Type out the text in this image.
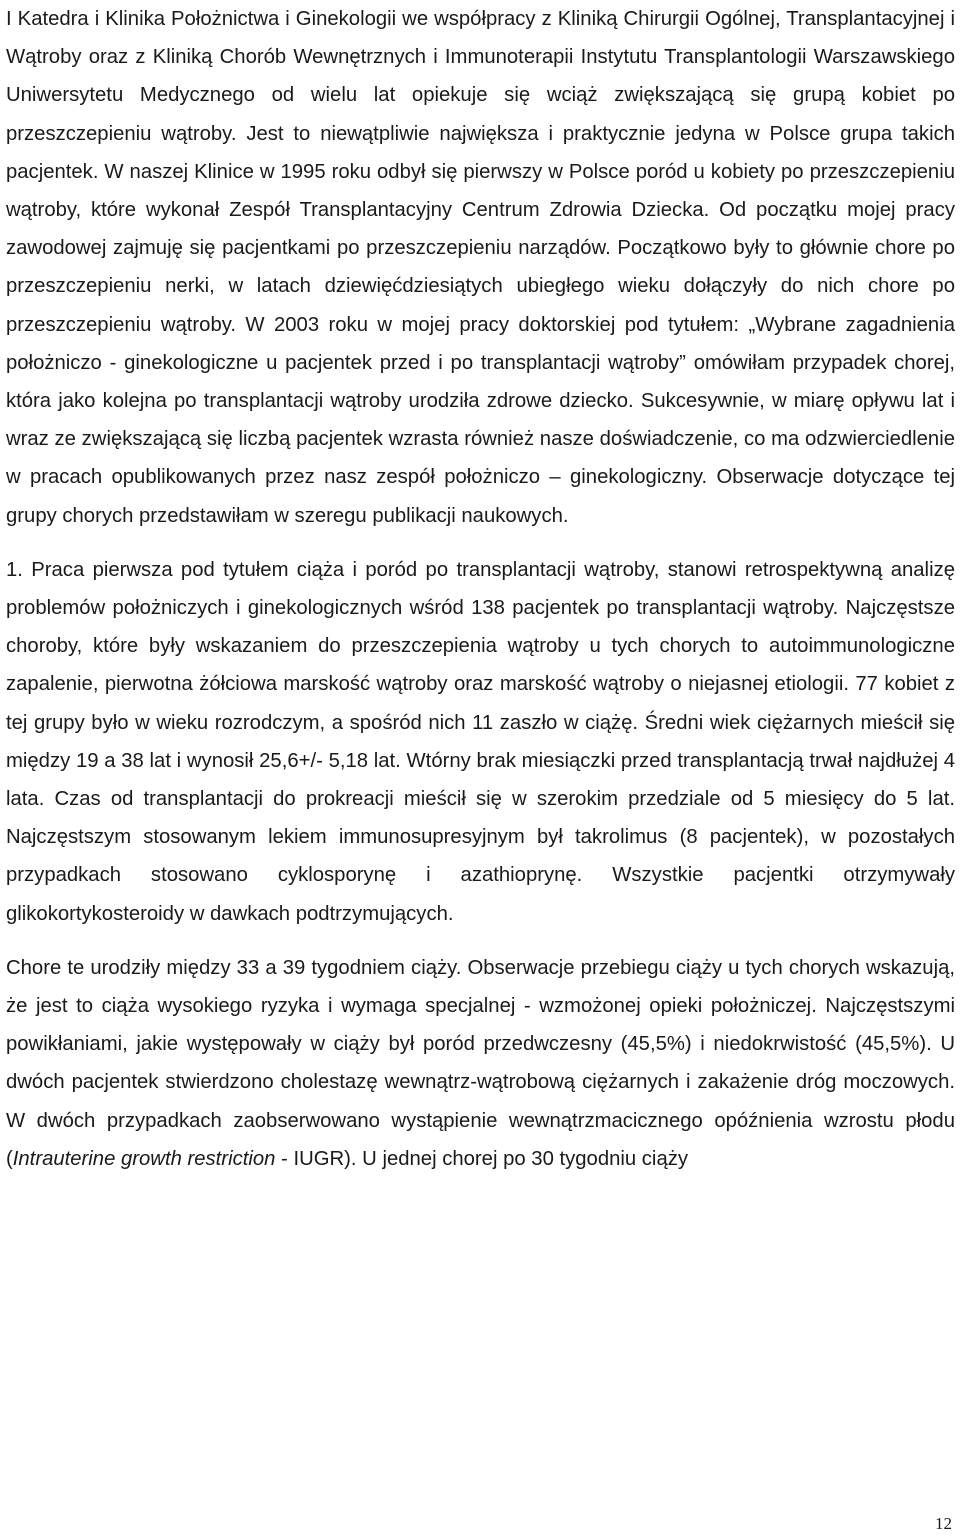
I Katedra i Klinika Położnictwa i Ginekologii we współpracy z Kliniką Chirurgii Ogólnej, Transplantacyjnej i Wątroby oraz z Kliniką Chorób Wewnętrznych i Immunoterapii Instytutu Transplantologii Warszawskiego Uniwersytetu Medycznego od wielu lat opiekuje się wciąż zwiększającą się grupą kobiet po przeszczepieniu wątroby. Jest to niewątpliwie największa i praktycznie jedyna w Polsce grupa takich pacjentek. W naszej Klinice w 1995 roku odbył się pierwszy w Polsce poród u kobiety po przeszczepieniu wątroby, które wykonał Zespół Transplantacyjny Centrum Zdrowia Dziecka. Od początku mojej pracy zawodowej zajmuję się pacjentkami po przeszczepieniu narządów. Początkowo były to głównie chore po przeszczepieniu nerki, w latach dziewięćdziesiątych ubiegłego wieku dołączyły do nich chore po przeszczepieniu wątroby. W 2003 roku w mojej pracy doktorskiej pod tytułem: „Wybrane zagadnienia położniczo - ginekologiczne u pacjentek przed i po transplantacji wątroby” omówiłam przypadek chorej, która jako kolejna po transplantacji wątroby urodziła zdrowe dziecko. Sukcesywnie, w miarę opływu lat i wraz ze zwiększającą się liczbą pacjentek wzrasta również nasze doświadczenie, co ma odzwierciedlenie w pracach opublikowanych przez nasz zespół położniczo – ginekologiczny. Obserwacje dotyczące tej grupy chorych przedstawiłam w szeregu publikacji naukowych.

1. Praca pierwsza pod tytułem ciąża i poród po transplantacji wątroby, stanowi retrospektywną analizę problemów położniczych i ginekologicznych wśród 138 pacjentek po transplantacji wątroby. Najczęstsze choroby, które były wskazaniem do przeszczepienia wątroby u tych chorych to autoimmunologiczne zapalenie, pierwotna żółciowa marskość wątroby oraz marskość wątroby o niejasnej etiologii. 77 kobiet z tej grupy było w wieku rozrodczym, a spośród nich 11 zaszło w ciążę. Średni wiek ciężarnych mieścił się między 19 a 38 lat i wynosił 25,6+/- 5,18 lat. Wtórny brak miesiączki przed transplantacją trwał najdłużej 4 lata. Czas od transplantacji do prokreacji mieścił się w szerokim przedziale od 5 miesięcy do 5 lat. Najczęstszym stosowanym lekiem immunosupresyjnym był takrolimus (8 pacjentek), w pozostałych przypadkach stosowano cyklosporynę i azathioprynę. Wszystkie pacjentki otrzymywały glikokortykosteroidy w dawkach podtrzymujących.

Chore te urodziły między 33 a 39 tygodniem ciąży. Obserwacje przebiegu ciąży u tych chorych wskazują, że jest to ciąża wysokiego ryzyka i wymaga specjalnej - wzmożonej opieki położniczej. Najczęstszymi powikłaniami, jakie występowały w ciąży był poród przedwczesny (45,5%) i niedokrwistość (45,5%). U dwóch pacjentek stwierdzono cholestazę wewnątrz-wątrobową ciężarnych i zakażenie dróg moczowych. W dwóch przypadkach zaobserwowano wystąpienie wewnątrzmacicznego opóźnienia wzrostu płodu (Intrauterine growth restriction - IUGR). U jednej chorej po 30 tygodniu ciąży

12
